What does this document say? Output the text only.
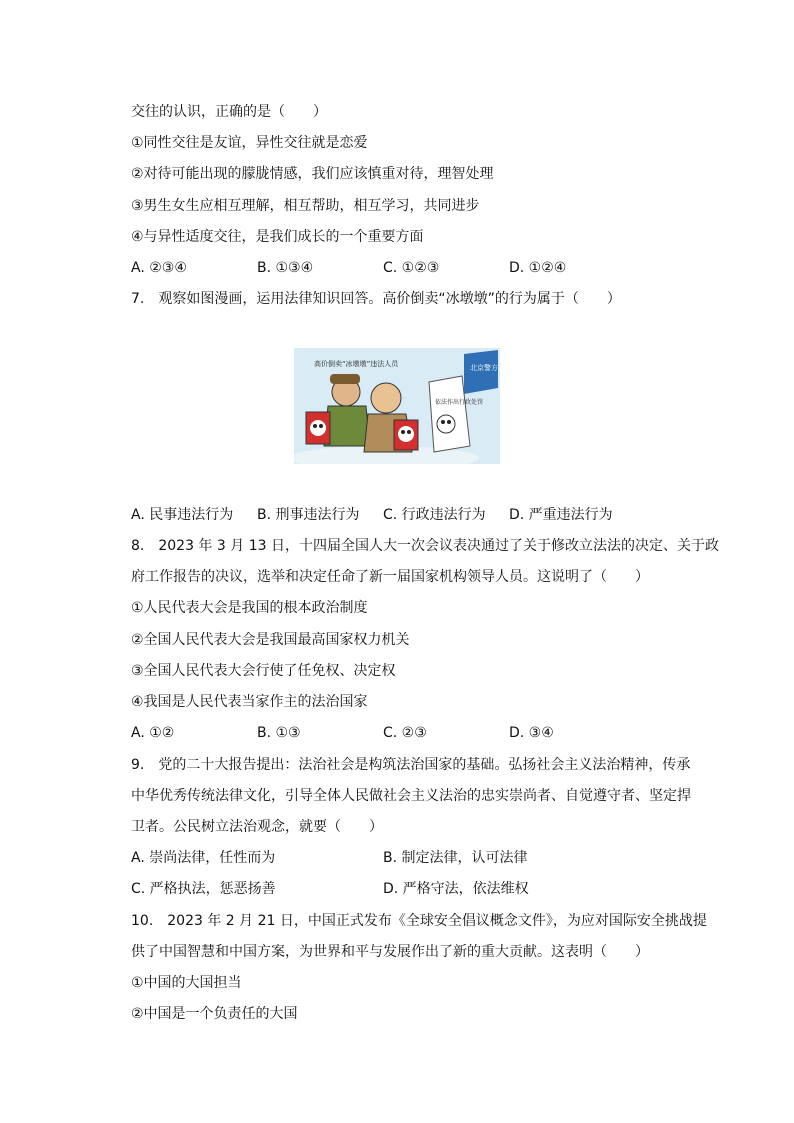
交往的认识，正确的是（　　）
①同性交往是友谊，异性交往就是恋爱
②对待可能出现的朦胧情感，我们应该慎重对待，理智处理
③男生女生应相互理解，相互帮助，相互学习，共同进步
④与异性适度交往，是我们成长的一个重要方面
A. ②③④	B. ①③④	C. ①②③	D. ①②④
7.　观察如图漫画，运用法律知识回答。高价倒卖“冰墩墩”的行为属于（　　）
北京警方
依法作出行政处罚
高价倒卖“冰墩墩”违法人员
A. 民事违法行为 B. 刑事违法行为 C. 行政违法行为 D. 严重违法行为
8.　2023 年 3 月 13 日，十四届全国人大一次会议表决通过了关于修改立法法的决定、关于政
府工作报告的决议，选举和决定任命了新一届国家机构领导人员。这说明了（　　）
①人民代表大会是我国的根本政治制度
②全国人民代表大会是我国最高国家权力机关
③全国人民代表大会行使了任免权、决定权
④我国是人民代表当家作主的法治国家
A. ①②	B. ①③	C. ②③	D. ③④
9.　党的二十大报告提出：法治社会是构筑法治国家的基础。弘扬社会主义法治精神，传承
中华优秀传统法律文化，引导全体人民做社会主义法治的忠实崇尚者、自觉遵守者、坚定捍
卫者。公民树立法治观念，就要（　　）
A. 崇尚法律，任性而为	B. 制定法律，认可法律
C. 严格执法，惩恶扬善	D. 严格守法，依法维权
10.　2023 年 2 月 21 日，中国正式发布《全球安全倡议概念文件》，为应对国际安全挑战提
供了中国智慧和中国方案，为世界和平与发展作出了新的重大贡献。这表明（　　）
①中国的大国担当
②中国是一个负责任的大国
